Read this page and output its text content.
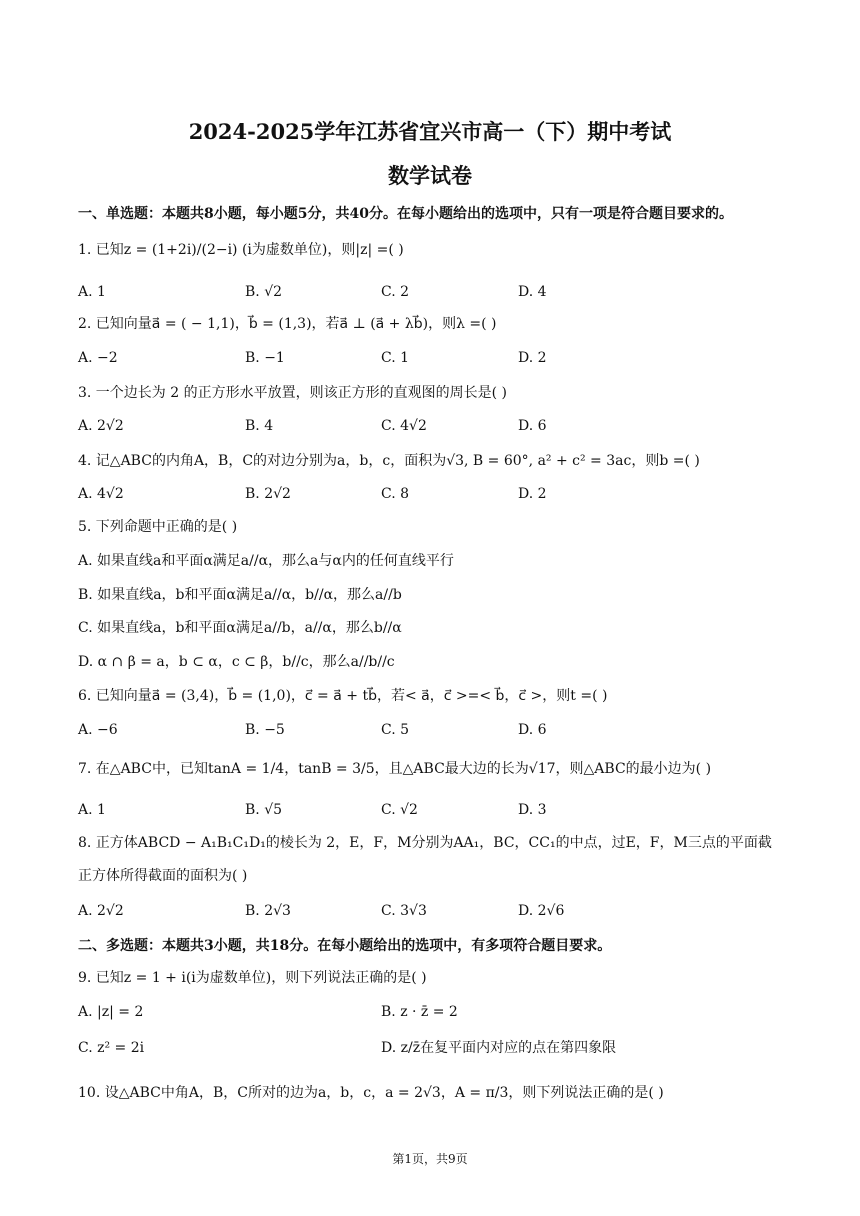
2024-2025学年江苏省宜兴市高一（下）期中考试
数学试卷
一、单选题：本题共8小题，每小题5分，共40分。在每小题给出的选项中，只有一项是符合题目要求的。
1. 已知z = (1+2i)/(2−i) (i为虚数单位)，则|z| =( )
A. 1	B. √2	C. 2	D. 4
2. 已知向量a⃗ = ( − 1,1)，b⃗ = (1,3)，若a⃗ ⊥ (a⃗ + λb⃗)，则λ =( )
A. −2	B. −1	C. 1	D. 2
3. 一个边长为 2 的正方形水平放置，则该正方形的直观图的周长是( )
A. 2√2	B. 4	C. 4√2	D. 6
4. 记△ABC的内角A，B，C的对边分别为a，b，c，面积为√3, B = 60°, a² + c² = 3ac，则b =( )
A. 4√2	B. 2√2	C. 8	D. 2
5. 下列命题中正确的是( )
A. 如果直线a和平面α满足a//α，那么a与α内的任何直线平行
B. 如果直线a，b和平面α满足a//α，b//α，那么a//b
C. 如果直线a，b和平面α满足a//b，a//α，那么b//α
D. α ∩ β = a，b ⊂ α，c ⊂ β，b//c，那么a//b//c
6. 已知向量a⃗ = (3,4)，b⃗ = (1,0)，c⃗ = a⃗ + tb⃗，若< a⃗，c⃗ >=< b⃗，c⃗ >，则t =( )
A. −6	B. −5	C. 5	D. 6
7. 在△ABC中，已知tanA = 1/4，tanB = 3/5，且△ABC最大边的长为√17，则△ABC的最小边为( )
A. 1	B. √5	C. √2	D. 3
8. 正方体ABCD − A₁B₁C₁D₁的棱长为 2，E，F，M分别为AA₁，BC，CC₁的中点，过E，F，M三点的平面截
正方体所得截面的面积为( )
A. 2√2	B. 2√3	C. 3√3	D. 2√6
二、多选题：本题共3小题，共18分。在每小题给出的选项中，有多项符合题目要求。
9. 已知z = 1 + i(i为虚数单位)，则下列说法正确的是( )
A. |z| = 2	B. z · z̄ = 2
C. z² = 2i	D. z/z̄在复平面内对应的点在第四象限
10. 设△ABC中角A，B，C所对的边为a，b，c，a = 2√3，A = π/3，则下列说法正确的是( )
第1页，共9页
